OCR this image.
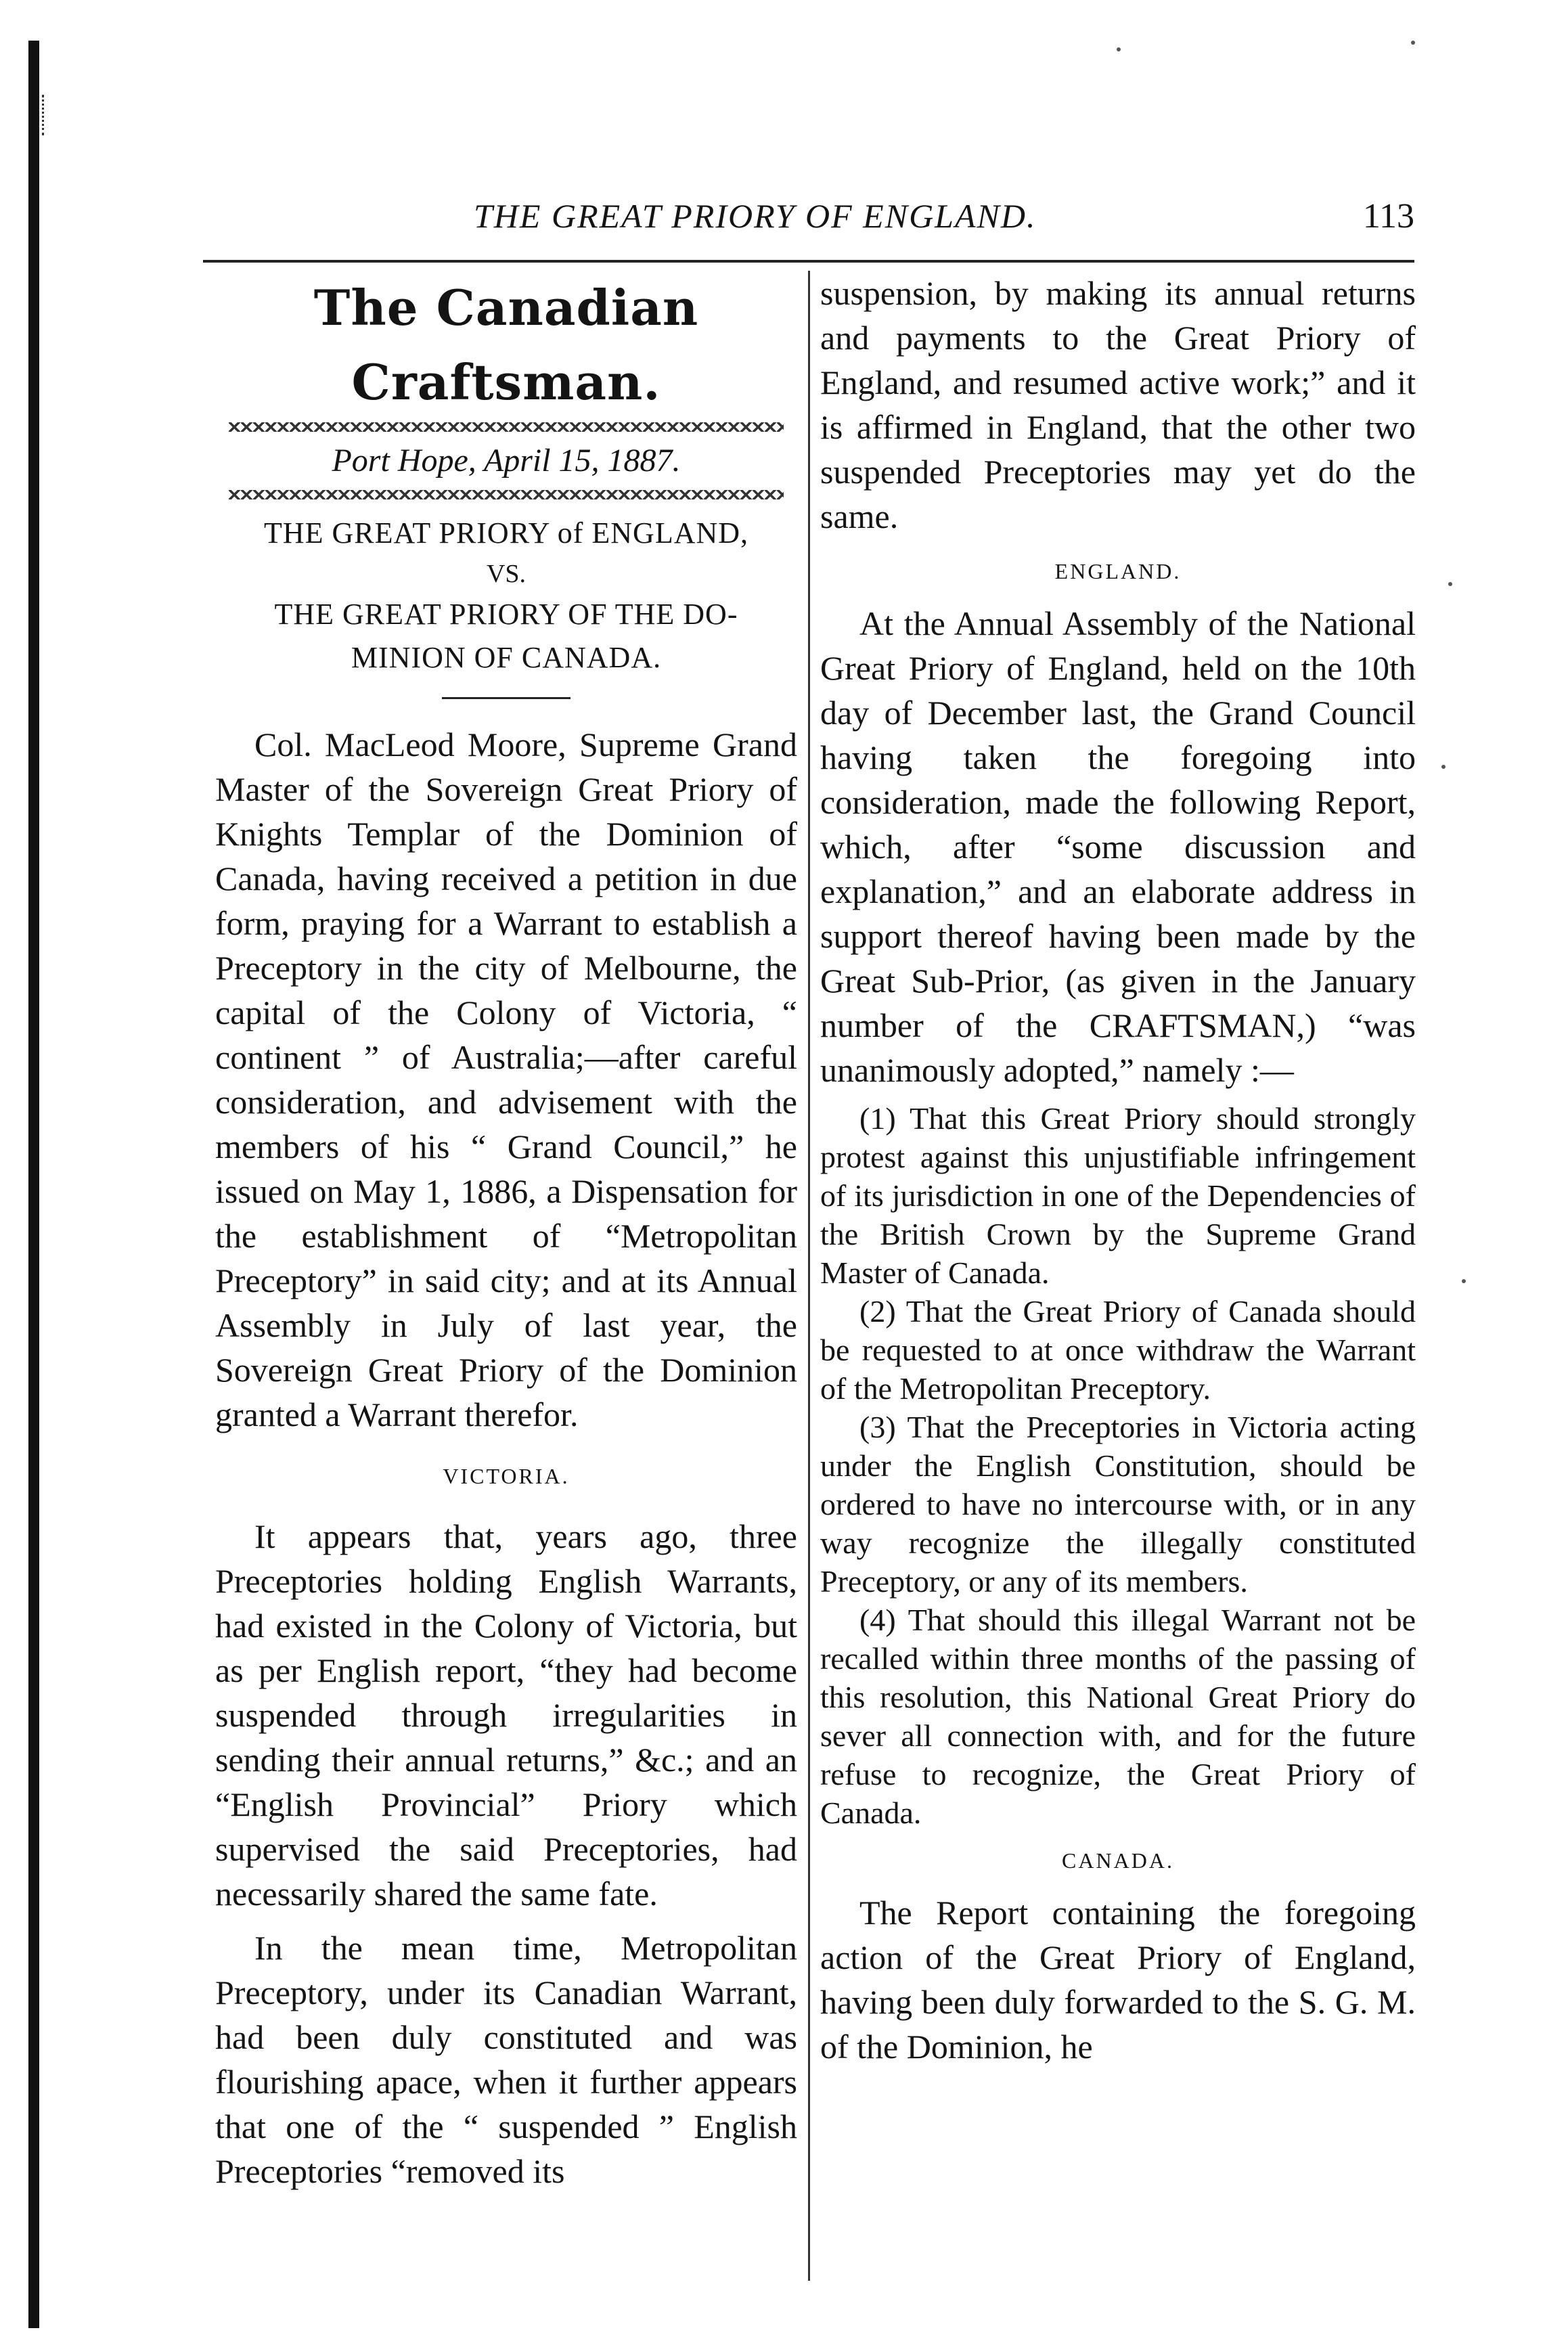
THE GREAT PRIORY OF ENGLAND.	113
The Canadian Craftsman.
Port Hope, April 15, 1887.
THE GREAT PRIORY of ENGLAND,
VS.
THE GREAT PRIORY OF THE DO-
MINION OF CANADA.

Col. MacLeod Moore, Supreme Grand Master of the Sovereign Great Priory of Knights Templar of the Dominion of Canada, having received a petition in due form, praying for a Warrant to establish a Preceptory in the city of Melbourne, the capital of the Colony of Victoria, “ continent ” of Australia;—after careful consideration, and advisement with the members of his “ Grand Council,” he issued on May 1, 1886, a Dispensation for the establishment of “Metropolitan Preceptory” in said city; and at its Annual Assembly in July of last year, the Sovereign Great Priory of the Dominion granted a Warrant therefor.

VICTORIA.

It appears that, years ago, three Preceptories holding English Warrants, had existed in the Colony of Victoria, but as per English report, “they had become suspended through irregularities in sending their annual returns,” &c.; and an “English Provincial” Priory which supervised the said Preceptories, had necessarily shared the same fate.

In the mean time, Metropolitan Preceptory, under its Canadian Warrant, had been duly constituted and was flourishing apace, when it further appears that one of the “ suspended ” English Preceptories “removed its

suspension, by making its annual returns and payments to the Great Priory of England, and resumed active work;” and it is affirmed in England, that the other two suspended Preceptories may yet do the same.

ENGLAND.

At the Annual Assembly of the National Great Priory of England, held on the 10th day of December last, the Grand Council having taken the foregoing into consideration, made the following Report, which, after “some discussion and explanation,” and an elaborate address in support thereof having been made by the Great Sub-Prior, (as given in the January number of the CRAFTSMAN,) “was unanimously adopted,” namely :—

(1) That this Great Priory should strongly protest against this unjustifiable infringement of its jurisdiction in one of the Dependencies of the British Crown by the Supreme Grand Master of Canada.

(2) That the Great Priory of Canada should be requested to at once withdraw the Warrant of the Metropolitan Preceptory.

(3) That the Preceptories in Victoria acting under the English Constitution, should be ordered to have no intercourse with, or in any way recognize the illegally constituted Preceptory, or any of its members.

(4) That should this illegal Warrant not be recalled within three months of the passing of this resolution, this National Great Priory do sever all connection with, and for the future refuse to recognize, the Great Priory of Canada.

CANADA.

The Report containing the foregoing action of the Great Priory of England, having been duly forwarded to the S. G. M. of the Dominion, he
